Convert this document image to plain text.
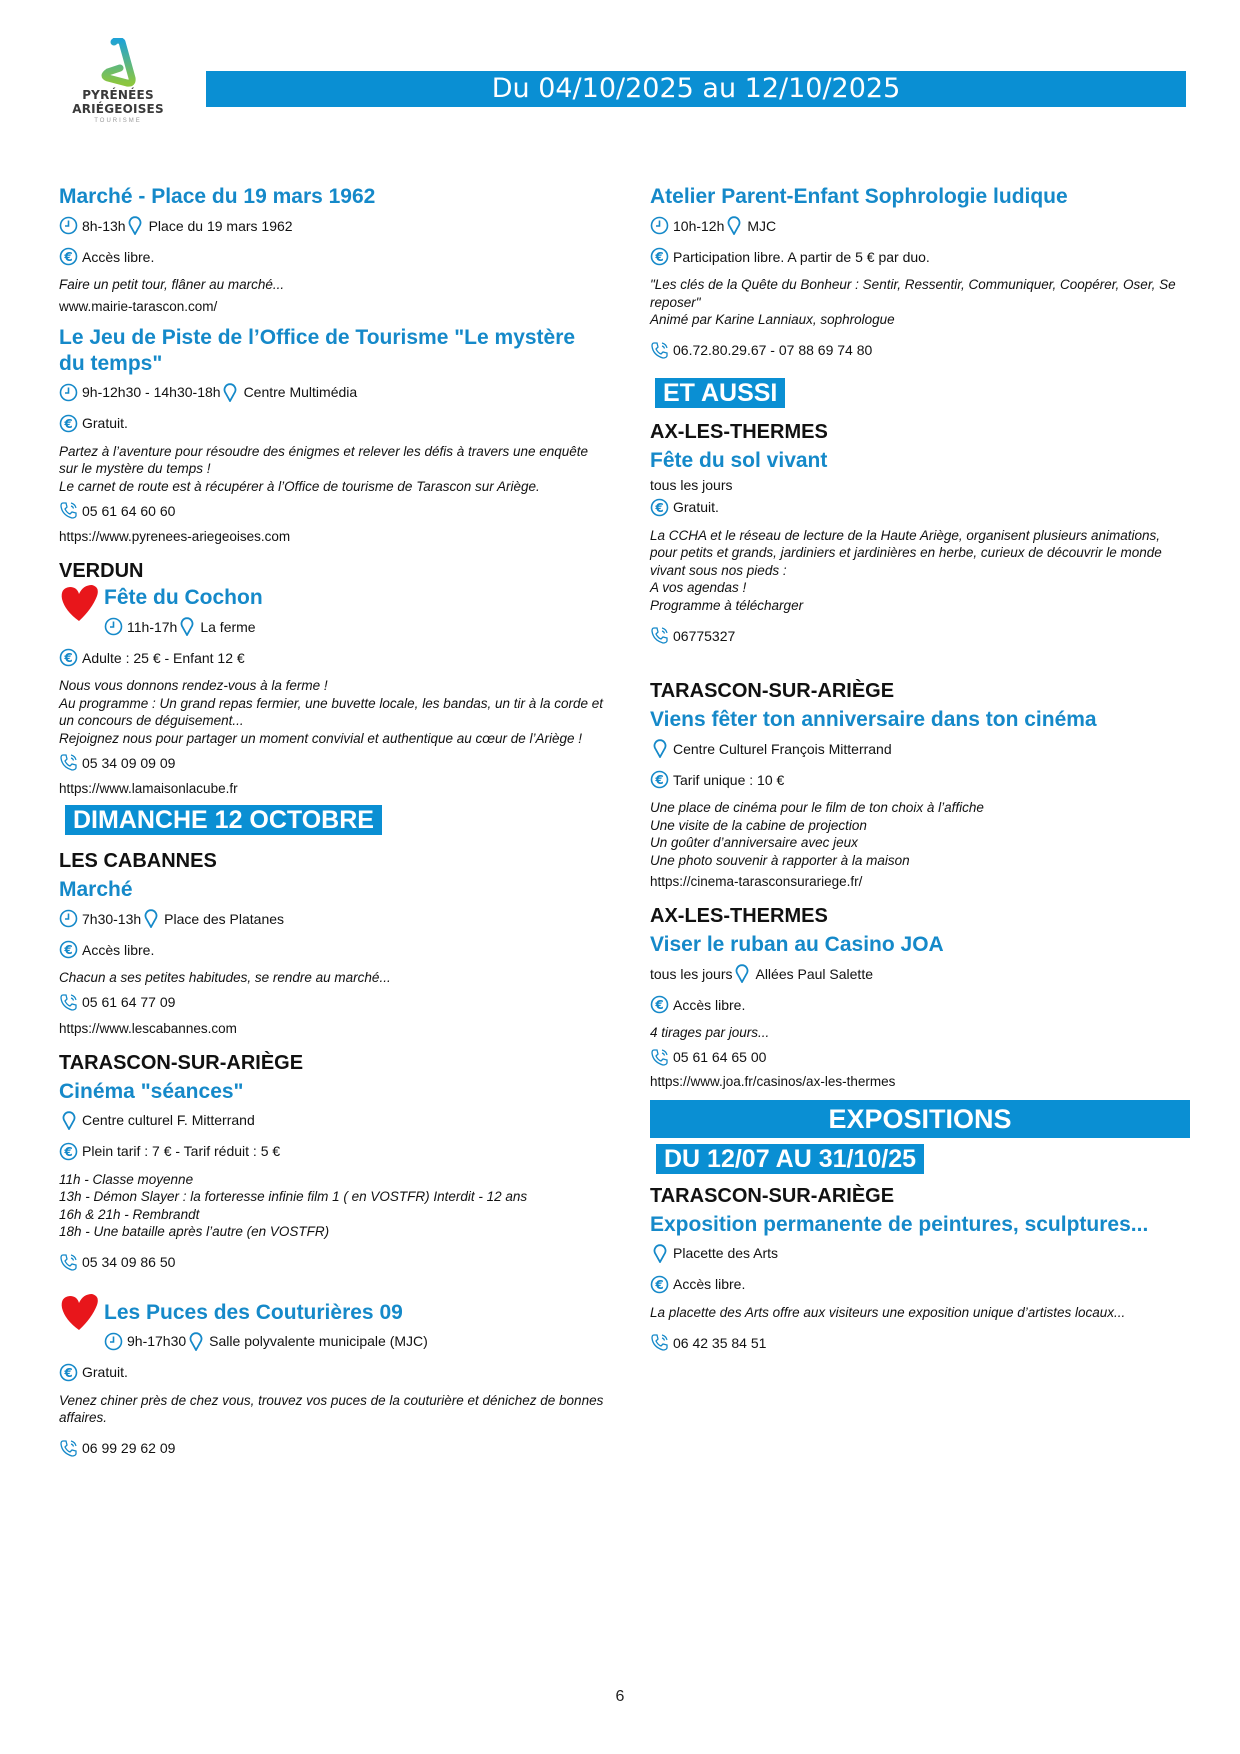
PYRÉNÉES
ARIÉGEOISES
TOURISME
Du 04/10/2025 au 12/10/2025
Marché - Place du 19 mars 1962
8h-13h Place du 19 mars 1962
€ Accès libre.
Faire un petit tour, flâner au marché...
www.mairie-tarascon.com/
Le Jeu de Piste de l’Office de Tourisme "Le mystère du temps"
9h-12h30 - 14h30-18h Centre Multimédia
€ Gratuit.
Partez à l’aventure pour résoudre des énigmes et relever les défis à travers une enquête sur le mystère du temps !
Le carnet de route est à récupérer à l’Office de tourisme de Tarascon sur Ariège.
05 61 64 60 60
https://www.pyrenees-ariegeoises.com
VERDUN
Fête du Cochon
11h-17h La ferme
€ Adulte : 25 € - Enfant 12 €
Nous vous donnons rendez-vous à la ferme !
Au programme : Un grand repas fermier, une buvette locale, les bandas, un tir à la corde et un concours de déguisement...
Rejoignez nous pour partager un moment convivial et authentique au cœur de l’Ariège !
05 34 09 09 09
https://www.lamaisonlacube.fr
DIMANCHE 12 OCTOBRE
LES CABANNES
Marché
7h30-13h Place des Platanes
€ Accès libre.
Chacun a ses petites habitudes, se rendre au marché...
05 61 64 77 09
https://www.lescabannes.com
TARASCON-SUR-ARIÈGE
Cinéma "séances"
Centre culturel F. Mitterrand
€ Plein tarif : 7 € - Tarif réduit : 5 €
11h - Classe moyenne
13h - Démon Slayer : la forteresse infinie film 1 ( en VOSTFR) Interdit - 12 ans
16h & 21h - Rembrandt
18h - Une bataille après l’autre (en VOSTFR)
05 34 09 86 50
Les Puces des Couturières 09
9h-17h30 Salle polyvalente municipale (MJC)
€ Gratuit.
Venez chiner près de chez vous, trouvez vos puces de la couturière et dénichez de bonnes affaires.
06 99 29 62 09
Atelier Parent-Enfant Sophrologie ludique
10h-12h MJC
€ Participation libre. A partir de 5 € par duo.
"Les clés de la Quête du Bonheur : Sentir, Ressentir, Communiquer, Coopérer, Oser, Se reposer"
Animé par Karine Lanniaux, sophrologue
06.72.80.29.67 - 07 88 69 74 80
ET AUSSI
AX-LES-THERMES
Fête du sol vivant
tous les jours
€ Gratuit.
La CCHA et le réseau de lecture de la Haute Ariège, organisent plusieurs animations, pour petits et grands, jardiniers et jardinières en herbe, curieux de découvrir le monde vivant sous nos pieds :
A vos agendas !
Programme à télécharger
06775327
TARASCON-SUR-ARIÈGE
Viens fêter ton anniversaire dans ton cinéma
Centre Culturel François Mitterrand
€ Tarif unique : 10 €
Une place de cinéma pour le film de ton choix à l’affiche
Une visite de la cabine de projection
Un goûter d’anniversaire avec jeux
Une photo souvenir à rapporter à la maison
https://cinema-tarasconsurariege.fr/
AX-LES-THERMES
Viser le ruban au Casino JOA
tous les jours Allées Paul Salette
€ Accès libre.
4 tirages par jours...
05 61 64 65 00
https://www.joa.fr/casinos/ax-les-thermes
EXPOSITIONS
DU 12/07 AU 31/10/25
TARASCON-SUR-ARIÈGE
Exposition permanente de peintures, sculptures...
Placette des Arts
€ Accès libre.
La placette des Arts offre aux visiteurs une exposition unique d’artistes locaux...
06 42 35 84 51
6
